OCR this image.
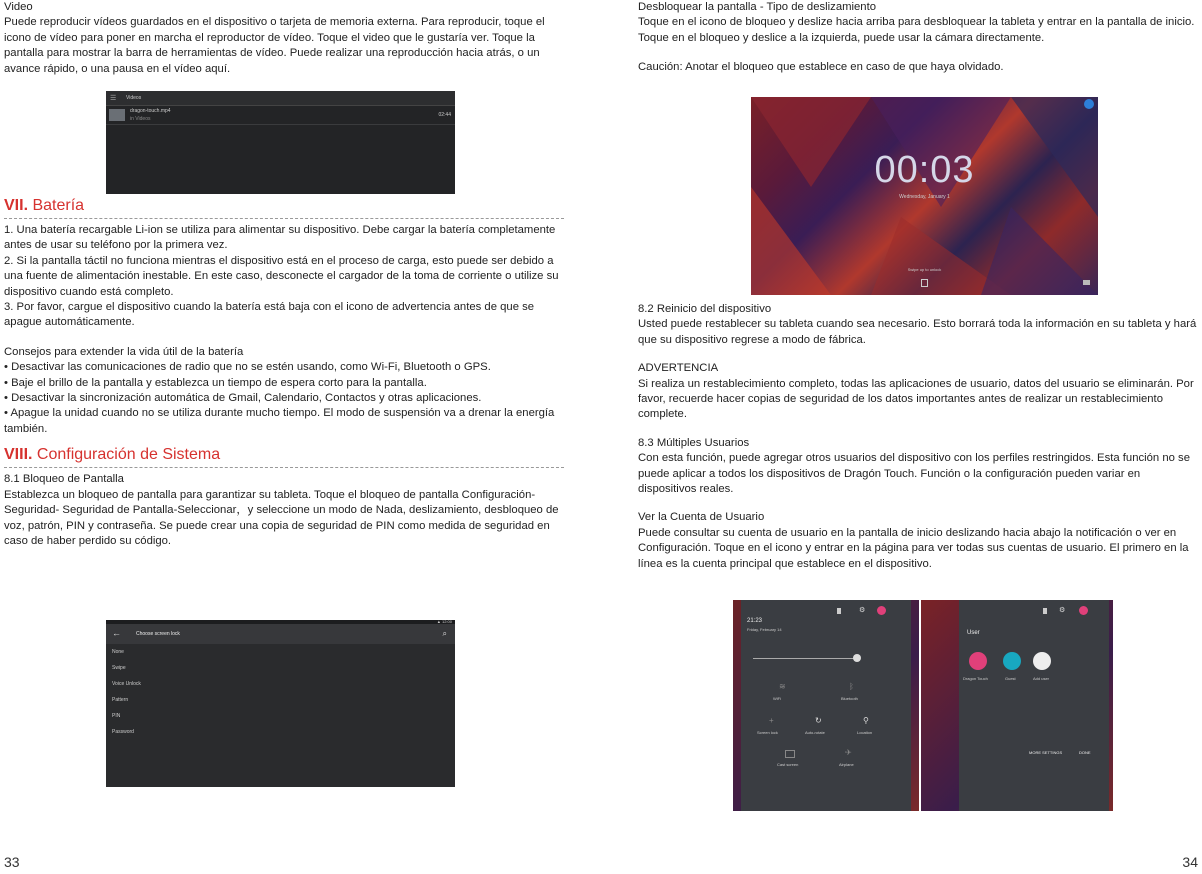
Video

Puede reproducir vídeos guardados en el dispositivo o tarjeta de memoria externa. Para reproducir, toque el icono de vídeo para poner en marcha el reproductor de vídeo. Toque el video que le gustaría ver. Toque la pantalla para mostrar la barra de herramientas de vídeo. Puede realizar una reproducción hacia atrás, o un avance rápido, o una pausa en el vídeo aquí.

☰ Videos
dragon-touch.mp4
in Videos
02:44

VII. Batería

1. Una batería recargable Li-ion se utiliza para alimentar su dispositivo. Debe cargar la batería completamente antes de usar su teléfono por la primera vez.

2. Si la pantalla táctil no funciona mientras el dispositivo está en el proceso de carga, esto puede ser debido a una fuente de alimentación inestable. En este caso, desconecte el cargador de la toma de corriente o utilize su dispositivo cuando está completo.

3. Por favor, cargue el dispositivo cuando la batería está baja con el icono de advertencia antes de que se apague automáticamente.

Consejos para extender la vida útil de la batería

• Desactivar las comunicaciones de radio que no se estén usando, como Wi-Fi, Bluetooth o GPS.

• Baje el brillo de la pantalla y establezca un tiempo de espera corto para la pantalla.

• Desactivar la sincronización automática de Gmail, Calendario, Contactos y otras aplicaciones.

• Apague la unidad cuando no se utiliza durante mucho tiempo. El modo de suspensión va a drenar la energía también.

VIII. Configuración de Sistema

8.1 Bloqueo de Pantalla

Establezca un bloqueo de pantalla para garantizar su tableta. Toque el bloqueo de pantalla Configuración-Seguridad- Seguridad de Pantalla-Seleccionar，y seleccione un modo de Nada, deslizamiento, desbloqueo de voz, patrón, PIN y contraseña. Se puede crear una copia de seguridad de PIN como medida de seguridad en caso de haber perdido su código.

▲ 12:00
←	Choose screen lock	⌕
None
Swipe
Voice Unlock
Pattern
PIN
Password
33

Desbloquear la pantalla - Tipo de deslizamiento

Toque en el icono de bloqueo y deslize hacia arriba para desbloquear la tableta y entrar en la pantalla de inicio.

Toque en el bloqueo y deslice a la izquierda, puede usar la cámara directamente.

Caución: Anotar el bloqueo que establece en caso de que haya olvidado.

00:03
Wednesday, January 1
Swipe up to unlock

8.2 Reinicio del dispositivo

Usted puede restablecer su tableta cuando sea necesario. Esto borrará toda la información en su tableta y hará que su dispositivo regrese a modo de fábrica.

ADVERTENCIA

Si realiza un restablecimiento completo, todas las aplicaciones de usuario, datos del usuario se eliminarán. Por favor, recuerde hacer copias de seguridad de los datos importantes antes de realizar un restablecimiento complete.

8.3 Múltiples Usuarios

Con esta función, puede agregar otros usuarios del dispositivo con los perfiles restringidos. Esta función no se puede aplicar a todos los dispositivos de Dragón Touch. Función o la configuración pueden variar en dispositivos reales.

Ver la Cuenta de Usuario

Puede consultar su cuenta de usuario en la pantalla de inicio deslizando hacia abajo la notificación o ver en Configuración. Toque en el icono y entrar en la página para ver todas sus cuentas de usuario. El primero en la línea es la cuenta principal que establece en el dispositivo.

21:23
Friday, February 14
⚙
≋
WiFi
ᛒ
Bluetooth
+
Screen lock
↻
Auto-rotate
⚲
Location
Cast screen
✈
Airplane
⚙
User
Dragon Touch	Guest	Add user
MORE SETTINGS	DONE
34
